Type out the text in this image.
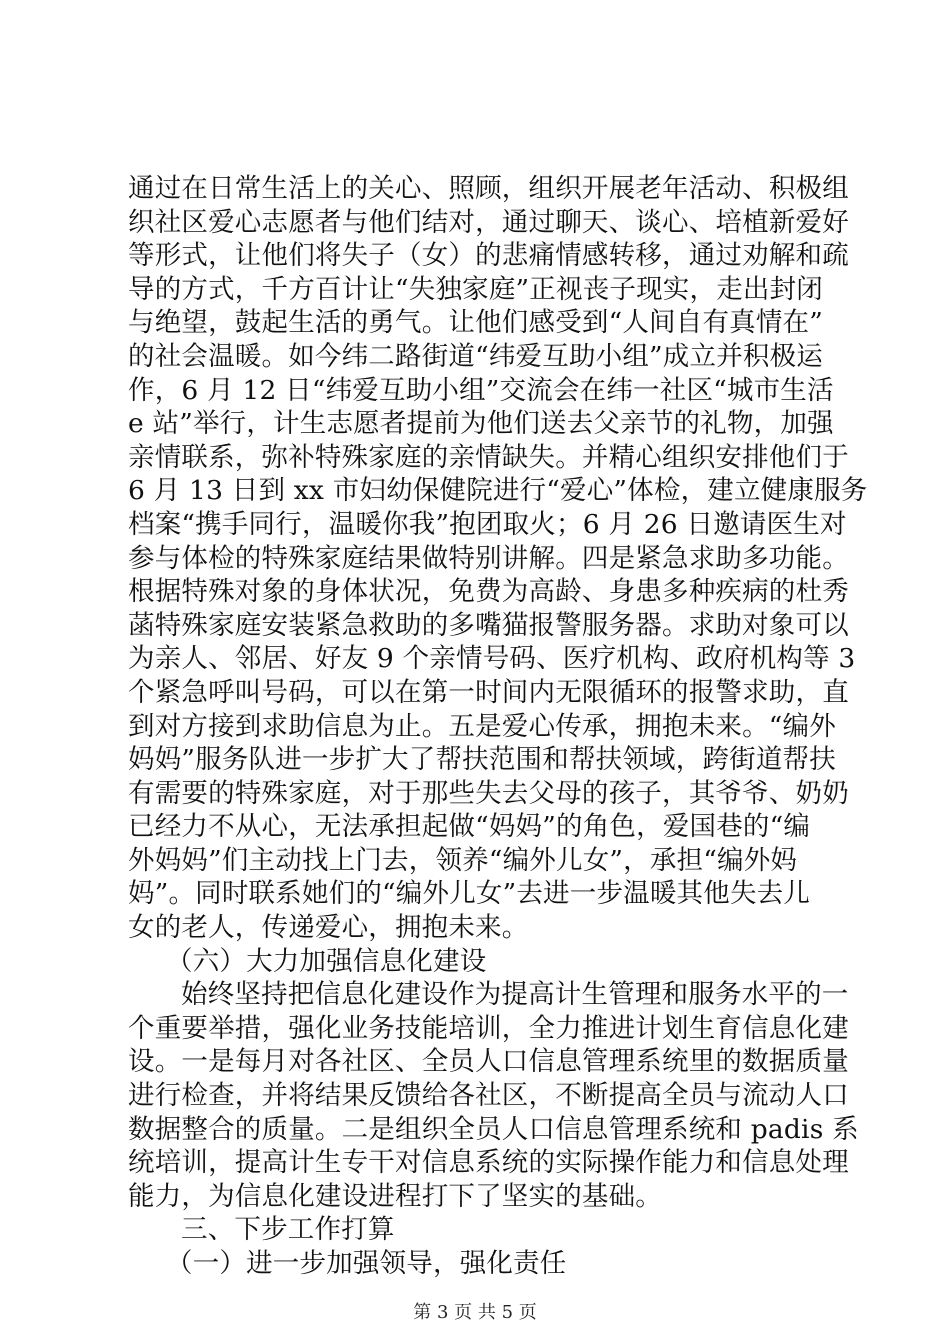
通过在日常生活上的关心、照顾，组织开展老年活动、积极组
织社区爱心志愿者与他们结对，通过聊天、谈心、培植新爱好
等形式，让他们将失子（女）的悲痛情感转移，通过劝解和疏
导的方式，千方百计让“失独家庭”正视丧子现实，走出封闭
与绝望，鼓起生活的勇气。让他们感受到“人间自有真情在”
的社会温暖。如今纬二路街道“纬爱互助小组”成立并积极运
作，6 月 12 日“纬爱互助小组”交流会在纬一社区“城市生活
e 站”举行，计生志愿者提前为他们送去父亲节的礼物，加强
亲情联系，弥补特殊家庭的亲情缺失。并精心组织安排他们于
6 月 13 日到 xx 市妇幼保健院进行“爱心”体检，建立健康服务
档案“携手同行，温暖你我”抱团取火；6 月 26 日邀请医生对
参与体检的特殊家庭结果做特别讲解。四是紧急求助多功能。
根据特殊对象的身体状况，免费为高龄、身患多种疾病的杜秀
菡特殊家庭安装紧急救助的多嘴猫报警服务器。求助对象可以
为亲人、邻居、好友 9 个亲情号码、医疗机构、政府机构等 3
个紧急呼叫号码，可以在第一时间内无限循环的报警求助，直
到对方接到求助信息为止。五是爱心传承，拥抱未来。“编外
妈妈”服务队进一步扩大了帮扶范围和帮扶领域，跨街道帮扶
有需要的特殊家庭，对于那些失去父母的孩子，其爷爷、奶奶
已经力不从心，无法承担起做“妈妈”的角色，爱国巷的“编
外妈妈”们主动找上门去，领养“编外儿女”，承担“编外妈
妈”。同时联系她们的“编外儿女”去进一步温暖其他失去儿
女的老人，传递爱心，拥抱未来。
（六）大力加强信息化建设
始终坚持把信息化建设作为提高计生管理和服务水平的一
个重要举措，强化业务技能培训，全力推进计划生育信息化建
设。一是每月对各社区、全员人口信息管理系统里的数据质量
进行检查，并将结果反馈给各社区，不断提高全员与流动人口
数据整合的质量。二是组织全员人口信息管理系统和 padis 系
统培训，提高计生专干对信息系统的实际操作能力和信息处理
能力，为信息化建设进程打下了坚实的基础。
三、下步工作打算
（一）进一步加强领导，强化责任
第 3 页 共 5 页
